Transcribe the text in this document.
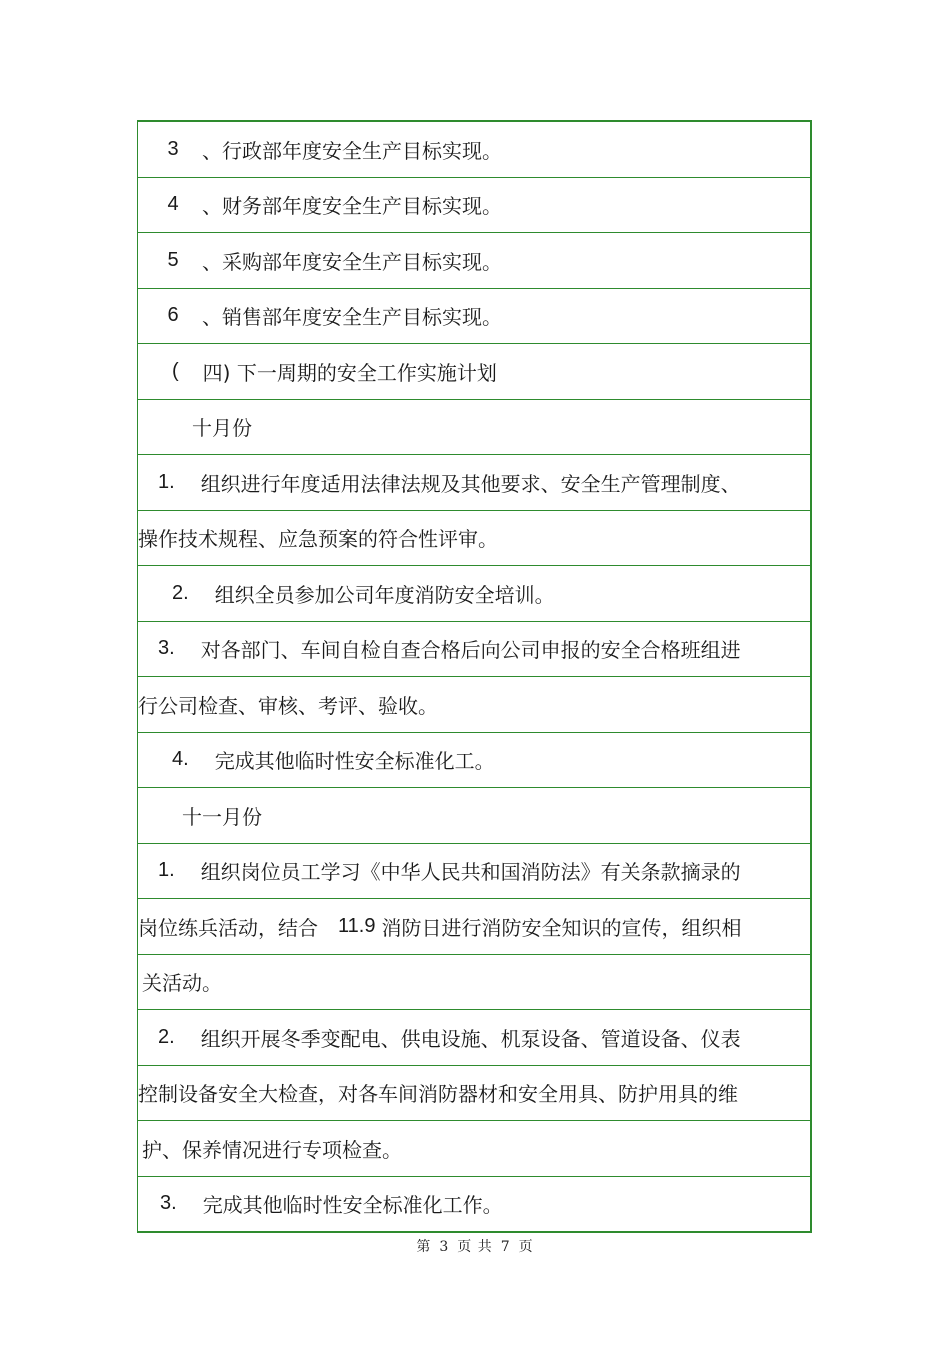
3 、行政部年度安全生产目标实现。
4 、财务部年度安全生产目标实现。
5 、采购部年度安全生产目标实现。
6 、销售部年度安全生产目标实现。
( 四) 下一周期的安全工作实施计划
十月份
1. 组织进行年度适用法律法规及其他要求、安全生产管理制度、
操作技术规程、应急预案的符合性评审。
2. 组织全员参加公司年度消防安全培训。
3. 对各部门、车间自检自查合格后向公司申报的安全合格班组进
行公司检查、审核、考评、验收。
4. 完成其他临时性安全标准化工。
十一月份
1. 组织岗位员工学习《中华人民共和国消防法》有关条款摘录的
岗位练兵活动，结合 11.9 消防日进行消防安全知识的宣传，组织相
关活动。
2. 组织开展冬季变配电、供电设施、机泵设备、管道设备、仪表
控制设备安全大检查，对各车间消防器材和安全用具、防护用具的维
护、保养情况进行专项检查。
3. 完成其他临时性安全标准化工作。
第 3 页 共 7 页
